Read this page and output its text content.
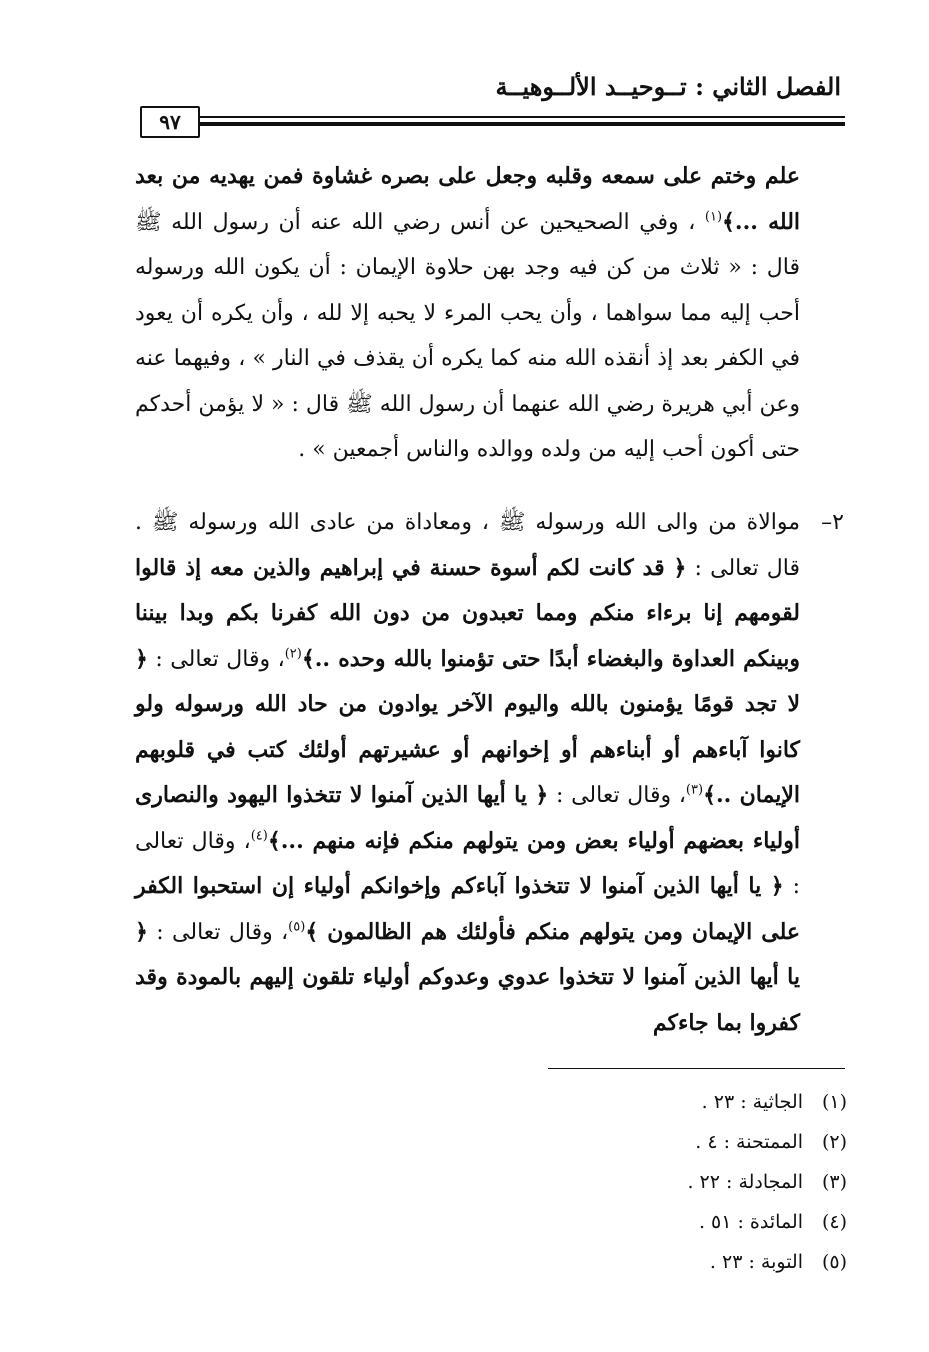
الفصل الثاني : تــوحيــد الألــوهيــة
٩٧
علم وختم على سمعه وقلبه وجعل على بصره غشاوة فمن يهديه من بعد الله ...﴾$^{(١)}$ ، وفي الصحيحين عن أنس رضي الله عنه أن رسول الله ﷺ قال : « ثلاث من كن فيه وجد بهن حلاوة الإيمان : أن يكون الله ورسوله أحب إليه مما سواهما ، وأن يحب المرء لا يحبه إلا لله ، وأن يكره أن يعود في الكفر بعد إذ أنقذه الله منه كما يكره أن يقذف في النار » ، وفيهما عنه وعن أبي هريرة رضي الله عنهما أن رسول الله ﷺ قال : « لا يؤمن أحدكم حتى أكون أحب إليه من ولده ووالده والناس أجمعين » .
٢–
موالاة من والى الله ورسوله ﷺ ، ومعاداة من عادى الله ورسوله ﷺ . قال تعالى : ﴿ قد كانت لكم أسوة حسنة في إبراهيم والذين معه إذ قالوا لقومهم إنا برءاء منكم ومما تعبدون من دون الله كفرنا بكم وبدا بيننا وبينكم العداوة والبغضاء أبدًا حتى تؤمنوا بالله وحده ..﴾$^{(٢)}$، وقال تعالى : ﴿ لا تجد قومًا يؤمنون بالله واليوم الآخر يوادون من حاد الله ورسوله ولو كانوا آباءهم أو أبناءهم أو إخوانهم أو عشيرتهم أولئك كتب في قلوبهم الإيمان ..﴾$^{(٣)}$، وقال تعالى : ﴿ يا أيها الذين آمنوا لا تتخذوا اليهود والنصارى أولياء بعضهم أولياء بعض ومن يتولهم منكم فإنه منهم ...﴾$^{(٤)}$، وقال تعالى : ﴿ يا أيها الذين آمنوا لا تتخذوا آباءكم وإخوانكم أولياء إن استحبوا الكفر على الإيمان ومن يتولهم منكم فأولئك هم الظالمون ﴾$^{(٥)}$، وقال تعالى : ﴿ يا أيها الذين آمنوا لا تتخذوا عدوي وعدوكم أولياء تلقون إليهم بالمودة وقد كفروا بما جاءكم
(١)الجاثية : ٢٣ .
(٢)الممتحنة : ٤ .
(٣)المجادلة : ٢٢ .
(٤)المائدة : ٥١ .
(٥)التوبة : ٢٣ .
